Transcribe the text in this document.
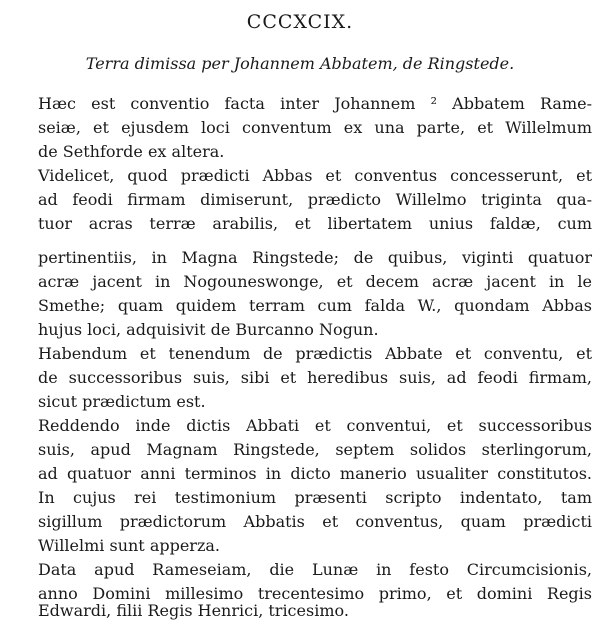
CCCXCIX.
Terra dimissa per Johannem Abbatem, de Ringstede.
Hæc est conventio facta inter Johannem ² Abbatem Rame-
seiæ, et ejusdem loci conventum ex una parte, et Willelmum
de Sethforde ex altera.
Videlicet, quod prædicti Abbas et conventus concesserunt, et
ad feodi firmam dimiserunt, prædicto Willelmo triginta qua-
tuor acras terræ arabilis, et libertatem unius faldæ, cum
pertinentiis, in Magna Ringstede; de quibus, viginti quatuor
acræ jacent in Nogouneswonge, et decem acræ jacent in le
Smethe; quam quidem terram cum falda W., quondam Abbas
hujus loci, adquisivit de Burcanno Nogun.
Habendum et tenendum de prædictis Abbate et conventu, et
de successoribus suis, sibi et heredibus suis, ad feodi firmam,
sicut prædictum est.
Reddendo inde dictis Abbati et conventui, et successoribus
suis, apud Magnam Ringstede, septem solidos sterlingorum,
ad quatuor anni terminos in dicto manerio usualiter constitutos.
In cujus rei testimonium præsenti scripto indentato, tam
sigillum prædictorum Abbatis et conventus, quam prædicti
Willelmi sunt apperza.
Data apud Rameseiam, die Lunæ in festo Circumcisionis,
anno Domini millesimo trecentesimo primo, et domini Regis
Edwardi, filii Regis Henrici, tricesimo.
